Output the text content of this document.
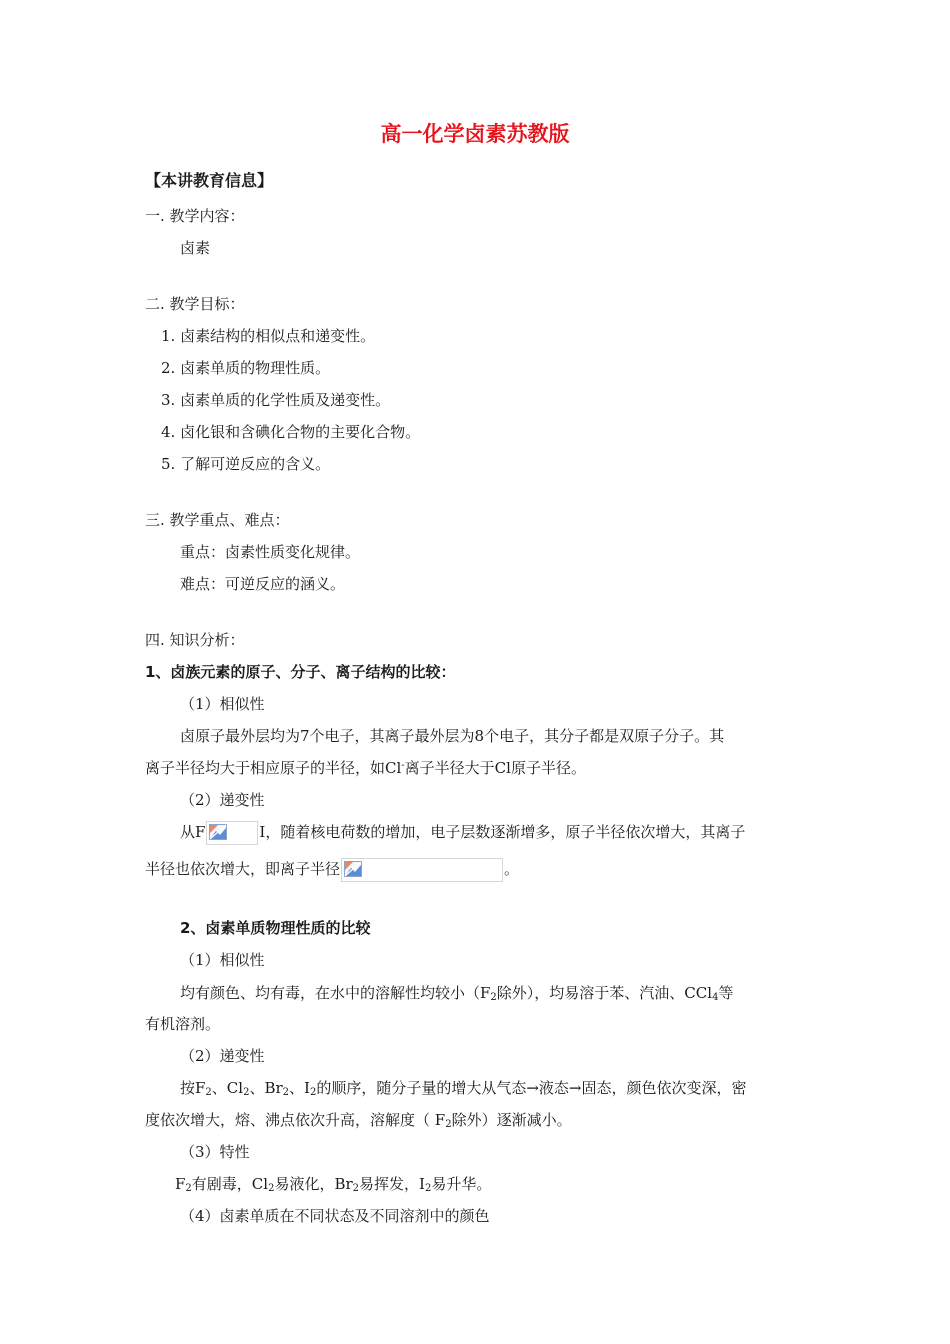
高一化学卤素苏教版
【本讲教育信息】
一. 教学内容：
卤素
二. 教学目标：
1. 卤素结构的相似点和递变性。
2. 卤素单质的物理性质。
3. 卤素单质的化学性质及递变性。
4. 卤化银和含碘化合物的主要化合物。
5. 了解可逆反应的含义。
三. 教学重点、难点：
重点：卤素性质变化规律。
难点：可逆反应的涵义。
四. 知识分析：
1、卤族元素的原子、分子、离子结构的比较：
（1）相似性
卤原子最外层均为7个电子，其离子最外层为8个电子，其分子都是双原子分子。其
离子半径均大于相应原子的半径，如Cl-离子半径大于Cl原子半径。
（2）递变性
从F	I，随着核电荷数的增加，电子层数逐渐增多，原子半径依次增大，其离子
半径也依次增大，即离子半径	。
2、卤素单质物理性质的比较
（1）相似性
均有颜色、均有毒，在水中的溶解性均较小（$F_2$除外），均易溶于苯、汽油、CCl$_4$等
有机溶剂。
（2）递变性
按$F_2$、$Cl_2$、$Br_2$、$I_2$的顺序，随分子量的增大从气态→液态→固态，颜色依次变深，密
度依次增大，熔、沸点依次升高，溶解度（ $F_2$除外）逐渐减小。
（3）特性
$F_2$有剧毒，$Cl_2$易液化，$Br_2$易挥发，$I_2$易升华。
（4）卤素单质在不同状态及不同溶剂中的颜色
